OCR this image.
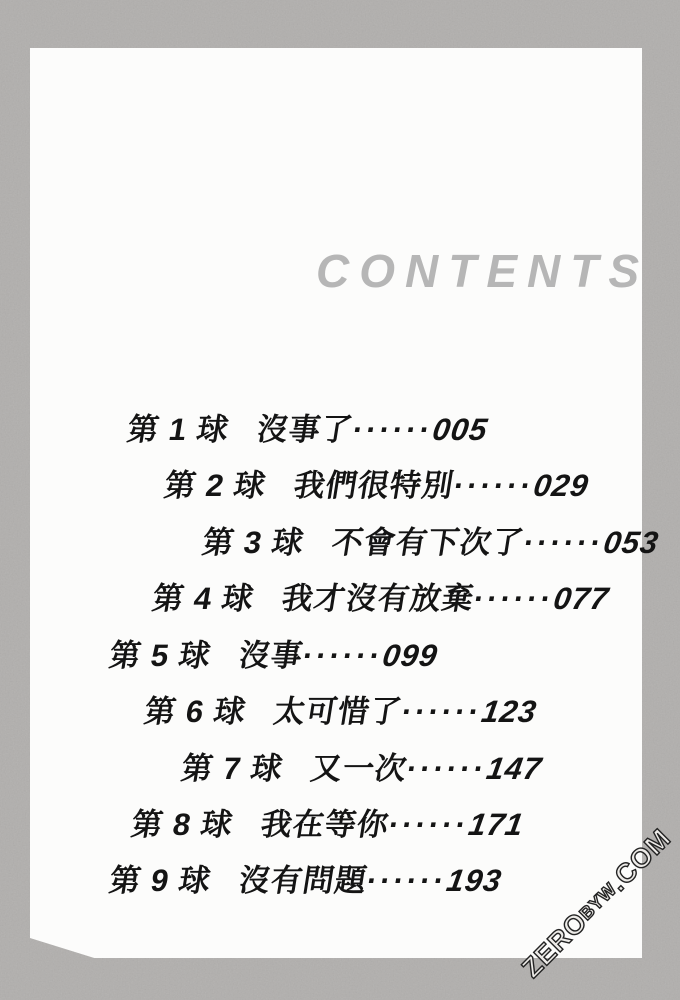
CONTENTS
第 1 球 沒事了······005
第 2 球 我們很特別······029
第 3 球 不會有下次了······053
第 4 球 我才沒有放棄······077
第 5 球 沒事······099
第 6 球 太可惜了······123
第 7 球 又一次······147
第 8 球 我在等你······171
第 9 球 沒有問題······193
ZEROBYW.COM
